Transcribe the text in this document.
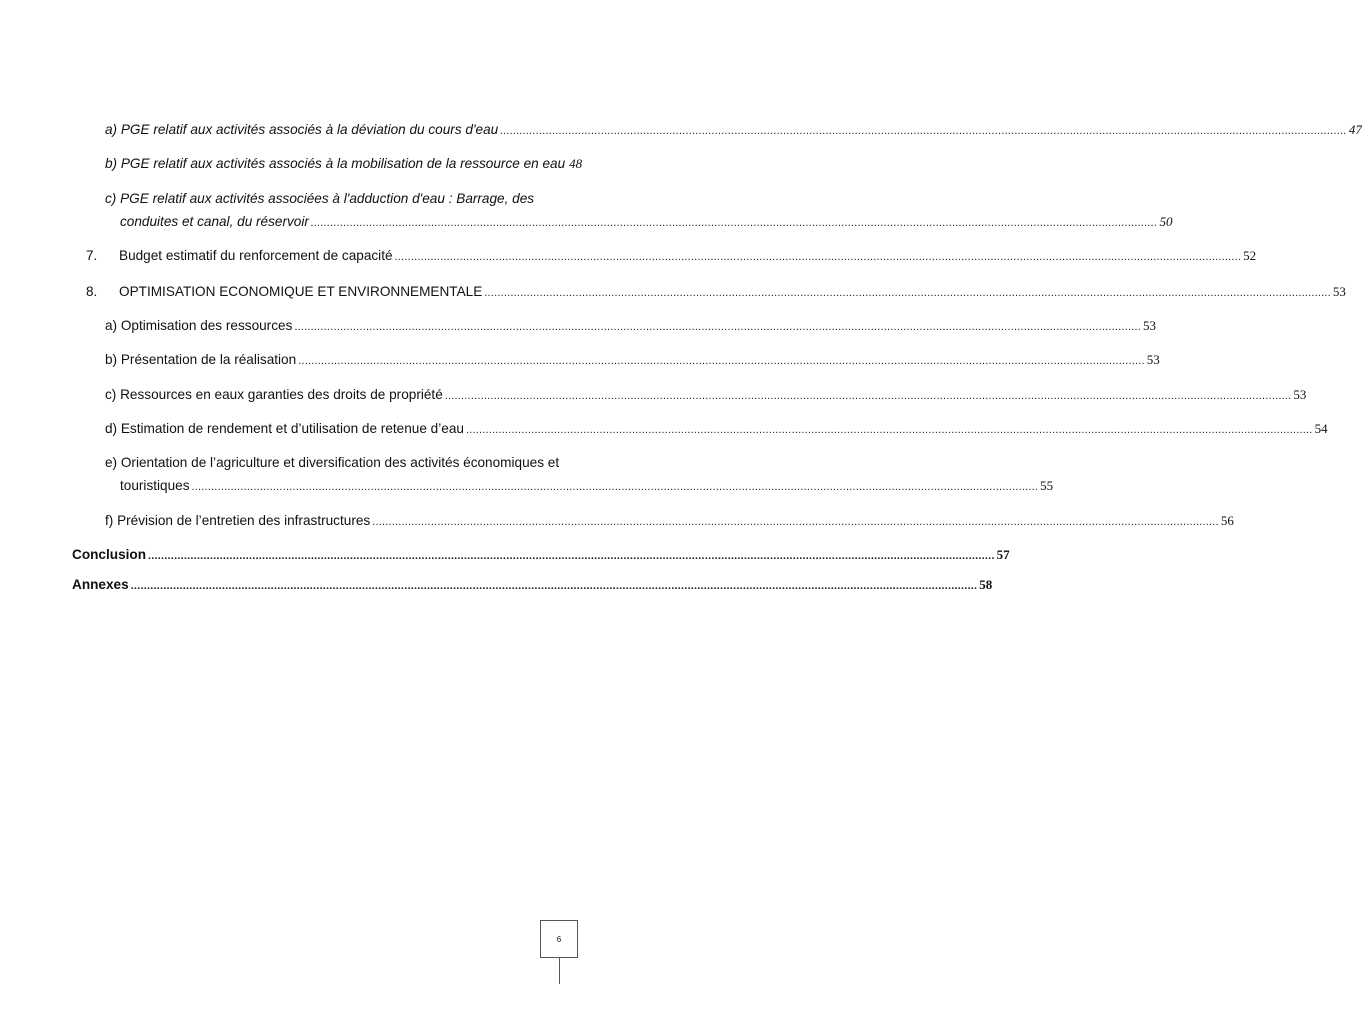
a) PGE relatif aux activités associés à la déviation du cours d'eau .................................................................................................................................................................................................................................................................... 47
b) PGE relatif aux activités associés à la mobilisation de la ressource en eau 48
c) PGE relatif aux activités associées à l'adduction d'eau : Barrage, des
conduites et canal, du réservoir .................................................................................................................................................................................................................................................................... 50
7.	Budget estimatif du renforcement de capacité .................................................................................................................................................................................................................................................................... 52
8.	OPTIMISATION ECONOMIQUE ET ENVIRONNEMENTALE .................................................................................................................................................................................................................................................................... 53
a) Optimisation des ressources .................................................................................................................................................................................................................................................................... 53
b) Présentation de la réalisation .................................................................................................................................................................................................................................................................... 53
c) Ressources en eaux garanties des droits de propriété .................................................................................................................................................................................................................................................................... 53
d) Estimation de rendement et d’utilisation de retenue d’eau .................................................................................................................................................................................................................................................................... 54
e) Orientation de l’agriculture et diversification des activités économiques et
touristiques .................................................................................................................................................................................................................................................................... 55
f) Prévision de l’entretien des infrastructures .................................................................................................................................................................................................................................................................... 56
Conclusion .................................................................................................................................................................................................................................................................... 57
Annexes .................................................................................................................................................................................................................................................................... 58
6
